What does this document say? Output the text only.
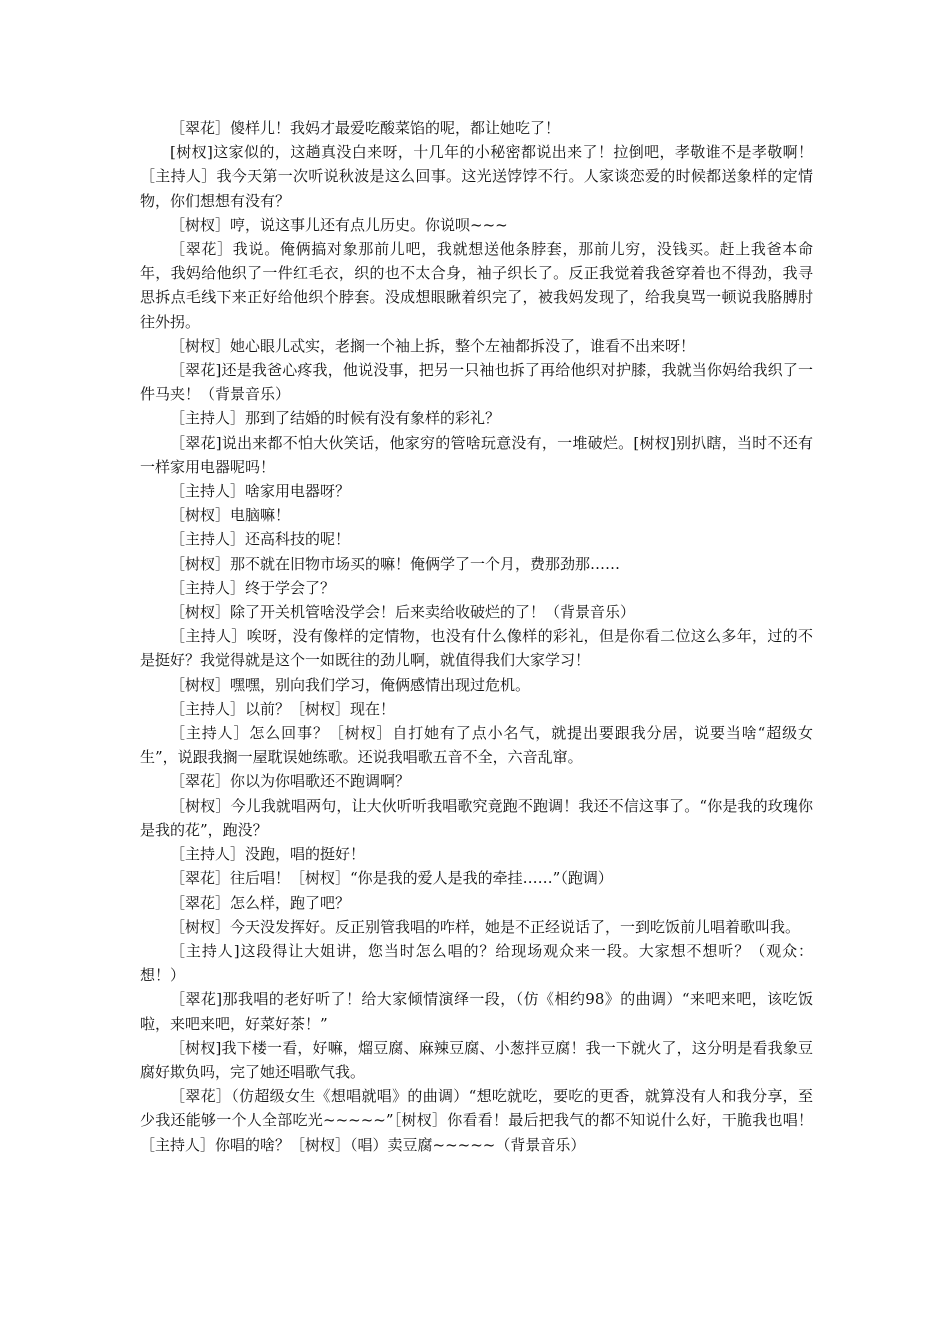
［翠花］傻样儿！我妈才最爱吃酸菜馅的呢，都让她吃了！

[树杈]这家似的，这趟真没白来呀，十几年的小秘密都说出来了！拉倒吧，孝敬谁不是孝敬啊！［主持人］我今天第一次听说秋波是这么回事。这光送饽饽不行。人家谈恋爱的时候都送象样的定情物，你们想想有没有？

［树杈］哼，说这事儿还有点儿历史。你说呗~~~

［翠花］我说。俺俩搞对象那前儿吧，我就想送他条脖套，那前儿穷，没钱买。赶上我爸本命年，我妈给他织了一件红毛衣，织的也不太合身，袖子织长了。反正我觉着我爸穿着也不得劲，我寻思拆点毛线下来正好给他织个脖套。没成想眼瞅着织完了，被我妈发现了，给我臭骂一顿说我胳膊肘往外拐。

［树杈］她心眼儿忒实，老搁一个袖上拆，整个左袖都拆没了，谁看不出来呀！

［翠花]还是我爸心疼我，他说没事，把另一只袖也拆了再给他织对护膝，我就当你妈给我织了一件马夹！（背景音乐）

［主持人］那到了结婚的时候有没有象样的彩礼？

［翠花]说出来都不怕大伙笑话，他家穷的管啥玩意没有，一堆破烂。[树杈]别扒瞎，当时不还有一样家用电器呢吗！

［主持人］啥家用电器呀？

［树杈］电脑嘛！

［主持人］还高科技的呢！

［树杈］那不就在旧物市场买的嘛！俺俩学了一个月，费那劲那……

［主持人］终于学会了？

［树杈］除了开关机管啥没学会！后来卖给收破烂的了！（背景音乐）

［主持人］唉呀，没有像样的定情物，也没有什么像样的彩礼，但是你看二位这么多年，过的不是挺好？我觉得就是这个一如既往的劲儿啊，就值得我们大家学习！

［树杈］嘿嘿，别向我们学习，俺俩感情出现过危机。

［主持人］以前？［树杈］现在！

［主持人］怎么回事？［树杈］自打她有了点小名气，就提出要跟我分居，说要当啥“超级女生”，说跟我搁一屋耽误她练歌。还说我唱歌五音不全，六音乱窜。

［翠花］你以为你唱歌还不跑调啊？

［树杈］今儿我就唱两句，让大伙听听我唱歌究竟跑不跑调！我还不信这事了。“你是我的玫瑰你是我的花”，跑没？

［主持人］没跑，唱的挺好！

［翠花］往后唱！［树杈］“你是我的爱人是我的牵挂……”（跑调）

［翠花］怎么样，跑了吧？

［树杈］今天没发挥好。反正别管我唱的咋样，她是不正经说话了，一到吃饭前儿唱着歌叫我。

［主持人]这段得让大姐讲，您当时怎么唱的？给现场观众来一段。大家想不想听？（观众：想！）

［翠花]那我唱的老好听了！给大家倾情演绎一段，（仿《相约98》的曲调）“来吧来吧，该吃饭啦，来吧来吧，好菜好茶！”

［树杈]我下楼一看，好嘛，熘豆腐、麻辣豆腐、小葱拌豆腐！我一下就火了，这分明是看我象豆腐好欺负吗，完了她还唱歌气我。

［翠花］（仿超级女生《想唱就唱》的曲调）“想吃就吃，要吃的更香，就算没有人和我分享，至少我还能够一个人全部吃光~~~~~”［树杈］你看看！最后把我气的都不知说什么好，干脆我也唱！［主持人］你唱的啥？［树杈］（唱）卖豆腐~~~~~（背景音乐）
